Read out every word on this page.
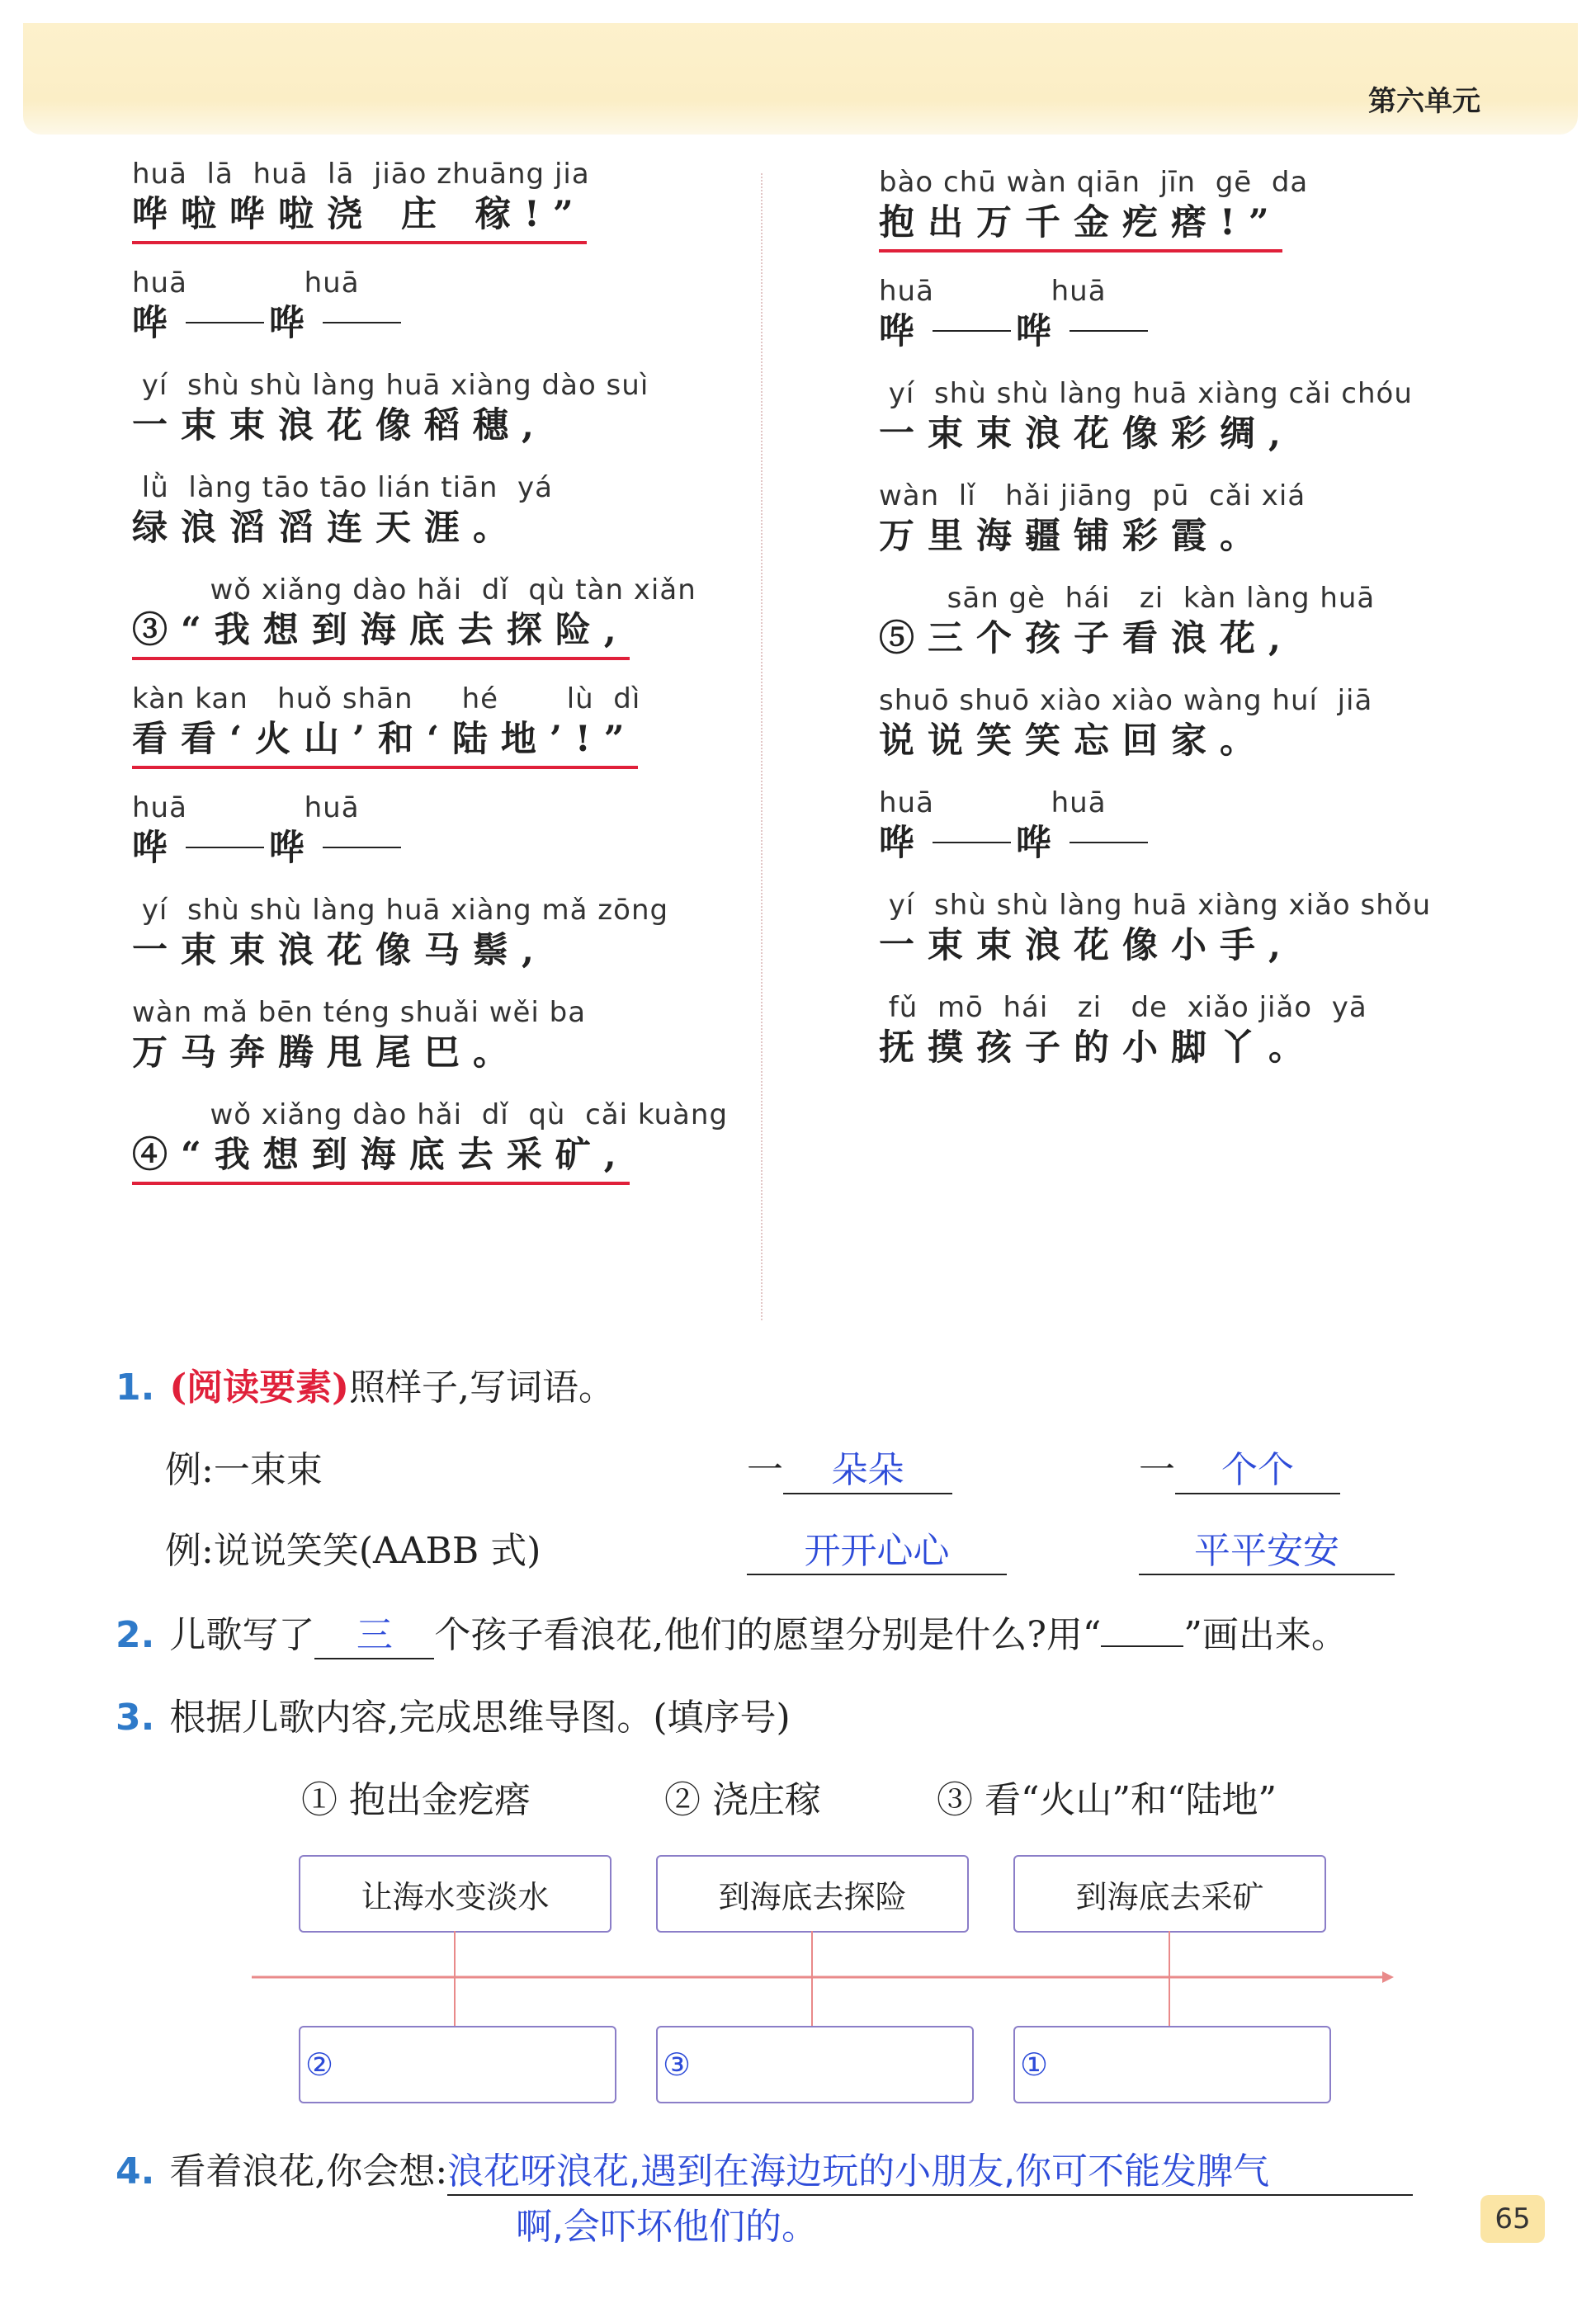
第六单元
huā  lā  huā  lā  jiāo zhuāng jia
哗啦哗啦浇 庄 稼!”
huā            huā
哗 哗
yí  shù shù làng huā xiàng dào suì
一束束浪花像稻穗,
lǜ  làng tāo tāo lián tiān  yá
绿浪滔滔连天涯。
wǒ xiǎng dào hǎi  dǐ  qù tàn xiǎn
③“我想到海底去探险,
kàn kan   huǒ shān     hé       lù  dì
看看‘火山’和‘陆地’!”
huā            huā
哗 哗
yí  shù shù làng huā xiàng mǎ zōng
一束束浪花像马鬃,
wàn mǎ bēn téng shuǎi wěi ba
万马奔腾甩尾巴。
wǒ xiǎng dào hǎi  dǐ  qù  cǎi kuàng
④“我想到海底去采矿,
bào chū wàn qiān  jīn  gē  da
抱出万千金疙瘩!”
huā            huā
哗 哗
yí  shù shù làng huā xiàng cǎi chóu
一束束浪花像彩绸,
wàn  lǐ   hǎi jiāng  pū  cǎi xiá
万里海疆铺彩霞。
sān gè  hái   zi  kàn làng huā
⑤三个孩子看浪花,
shuō shuō xiào xiào wàng huí  jiā
说说笑笑忘回家。
huā            huā
哗 哗
yí  shù shù làng huā xiàng xiǎo shǒu
一束束浪花像小手,
fǔ  mō  hái   zi   de  xiǎo jiǎo  yā
抚摸孩子的小脚丫。
1. (阅读要素)照样子,写词语。
例:一束束	一 朵朵	一 个个
例:说说笑笑(AABB 式)	开开心心	平平安安
2. 儿歌写了 三 个孩子看浪花,他们的愿望分别是什么?用“ ”画出来。
3. 根据儿歌内容,完成思维导图。(填序号)
① 抱出金疙瘩	② 浇庄稼	③ 看“火山”和“陆地”
让海水变淡水	到海底去探险	到海底去采矿
②	③	①
4. 看着浪花,你会想:浪花呀浪花,遇到在海边玩的小朋友,你可不能发脾气
啊,会吓坏他们的。	65
